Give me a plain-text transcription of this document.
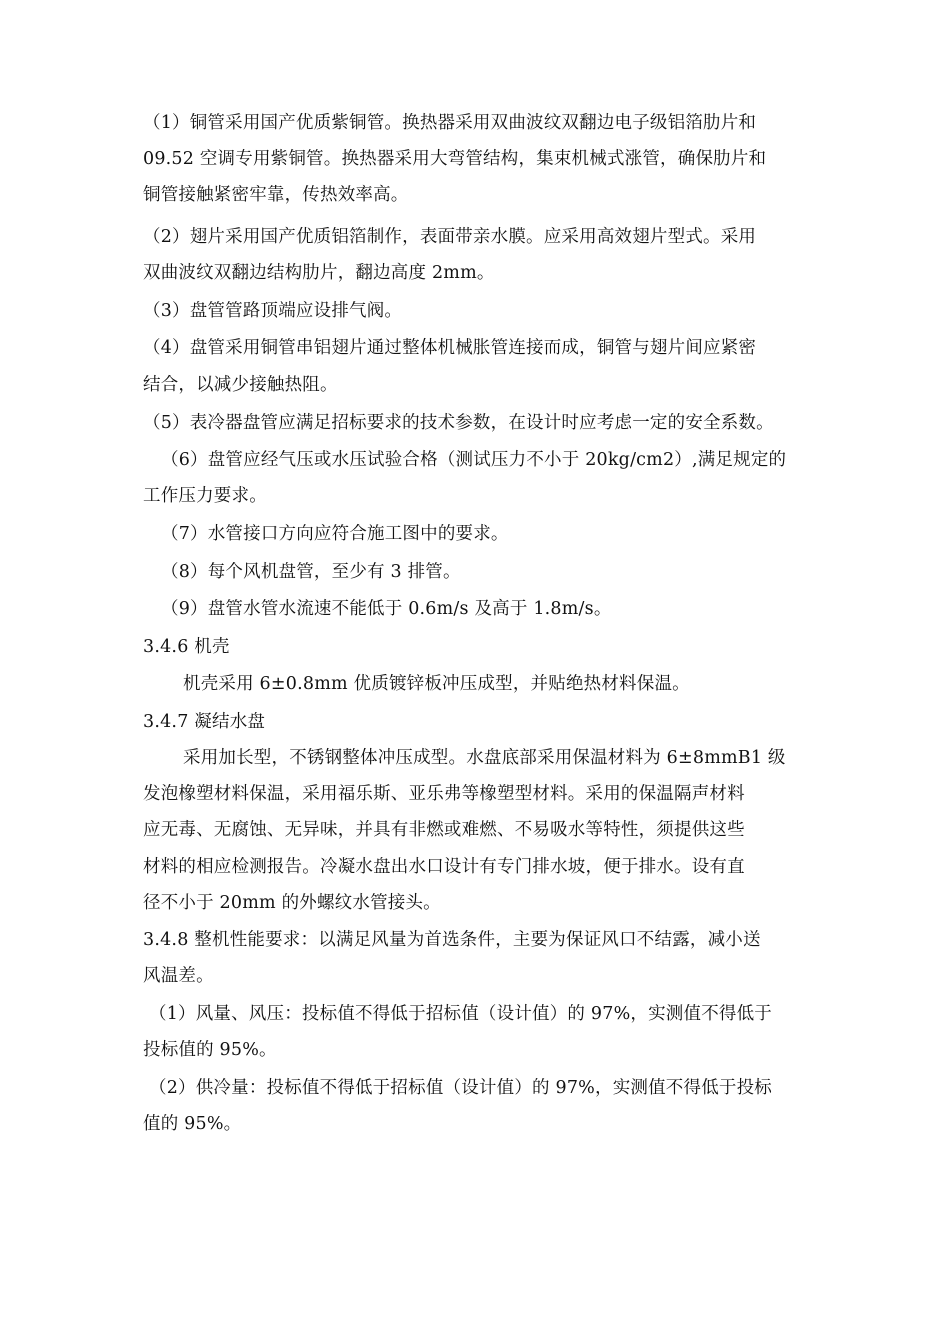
（1）铜管采用国产优质紫铜管。换热器采用双曲波纹双翻边电子级铝箔肋片和
09.52 空调专用紫铜管。换热器采用大弯管结构，集束机械式涨管，确保肋片和
铜管接触紧密牢靠，传热效率高。
（2）翅片采用国产优质铝箔制作，表面带亲水膜。应采用高效翅片型式。采用
双曲波纹双翻边结构肋片，翻边高度 2mm。
（3）盘管管路顶端应设排气阀。
（4）盘管采用铜管串铝翅片通过整体机械胀管连接而成，铜管与翅片间应紧密
结合，以减少接触热阻。
（5）表冷器盘管应满足招标要求的技术参数，在设计时应考虑一定的安全系数。
（6）盘管应经气压或水压试验合格（测试压力不小于 20kg/cm2）,满足规定的
工作压力要求。
（7）水管接口方向应符合施工图中的要求。
（8）每个风机盘管，至少有 3 排管。
（9）盘管水管水流速不能低于 0.6m/s 及高于 1.8m/s。
3.4.6 机壳
机壳采用 6±0.8mm 优质镀锌板冲压成型，并贴绝热材料保温。
3.4.7 凝结水盘
采用加长型，不锈钢整体冲压成型。水盘底部采用保温材料为 6±8mmB1 级
发泡橡塑材料保温，采用福乐斯、亚乐弗等橡塑型材料。采用的保温隔声材料
应无毒、无腐蚀、无异味，并具有非燃或难燃、不易吸水等特性，须提供这些
材料的相应检测报告。冷凝水盘出水口设计有专门排水坡，便于排水。设有直
径不小于 20mm 的外螺纹水管接头。
3.4.8 整机性能要求：以满足风量为首选条件，主要为保证风口不结露，减小送
风温差。
（1）风量、风压：投标值不得低于招标值（设计值）的 97%，实测值不得低于
投标值的 95%。
（2）供冷量：投标值不得低于招标值（设计值）的 97%，实测值不得低于投标
值的 95%。
